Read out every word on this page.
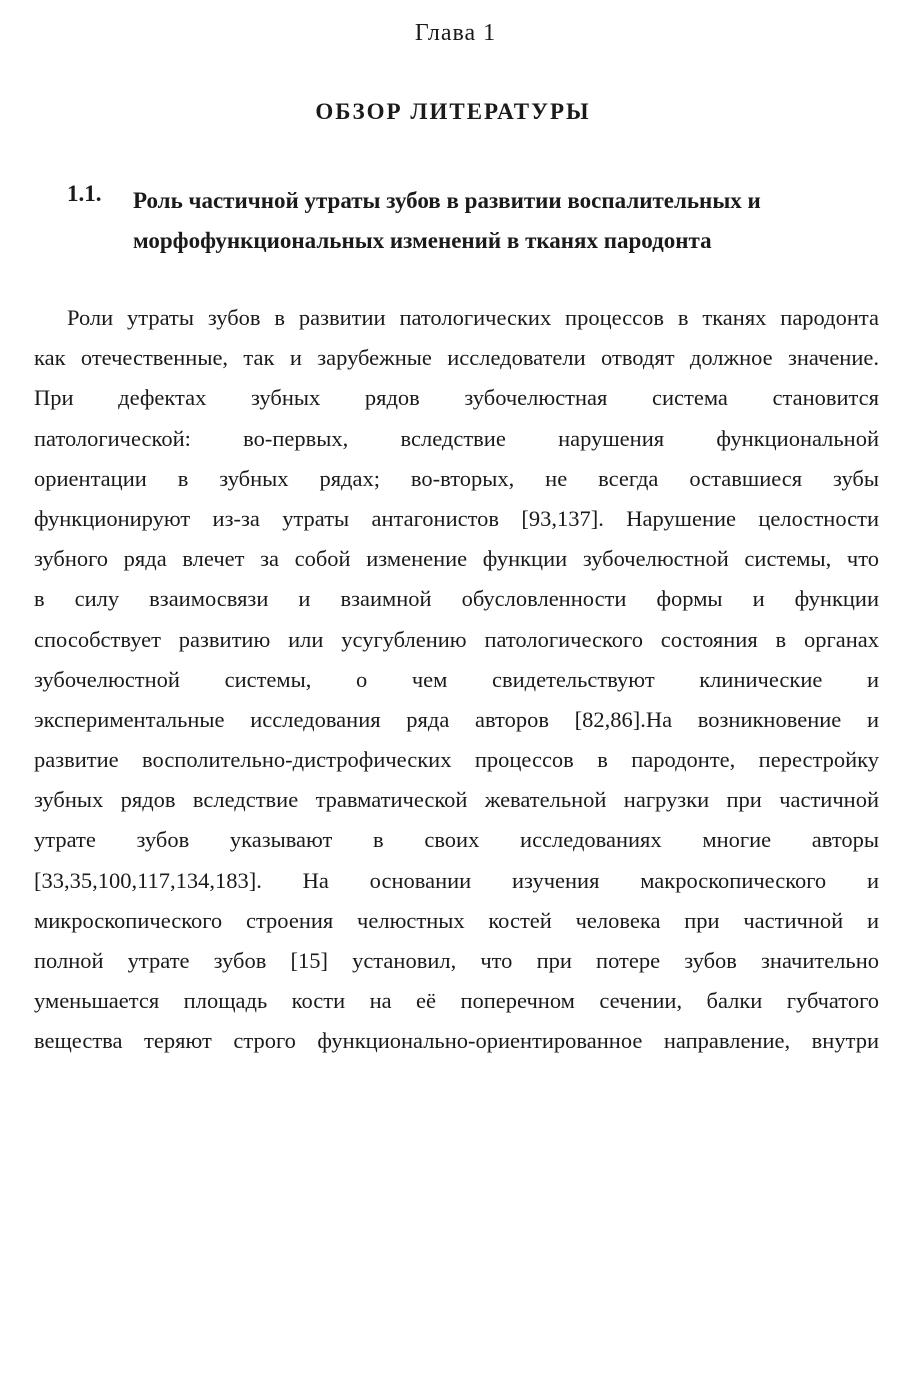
Глава 1
ОБЗОР ЛИТЕРАТУРЫ
1.1. Роль частичной утраты зубов в развитии воспалительных и
морфофункциональных изменений в тканях пародонта
Роли утраты зубов в развитии патологических процессов в тканях пародонта
как отечественные, так и зарубежные исследователи отводят должное значение.
При дефектах зубных рядов зубочелюстная система становится
патологической: во-первых, вследствие нарушения функциональной
ориентации в зубных рядах; во-вторых, не всегда оставшиеся зубы
функционируют из-за утраты антагонистов [93,137]. Нарушение целостности
зубного ряда влечет за собой изменение функции зубочелюстной системы, что
в силу взаимосвязи и взаимной обусловленности формы и функции
способствует развитию или усугублению патологического состояния в органах
зубочелюстной системы, о чем свидетельствуют клинические и
экспериментальные исследования ряда авторов [82,86].На возникновение и
развитие восполительно-дистрофических процессов в пародонте, перестройку
зубных рядов вследствие травматической жевательной нагрузки при частичной
утрате зубов указывают в своих исследованиях многие авторы
[33,35,100,117,134,183]. На основании изучения макроскопического и
микроскопического строения челюстных костей человека при частичной и
полной утрате зубов [15] установил, что при потере зубов значительно
уменьшается площадь кости на её поперечном сечении, балки губчатого
вещества теряют строго функционально-ориентированное направление, внутри
